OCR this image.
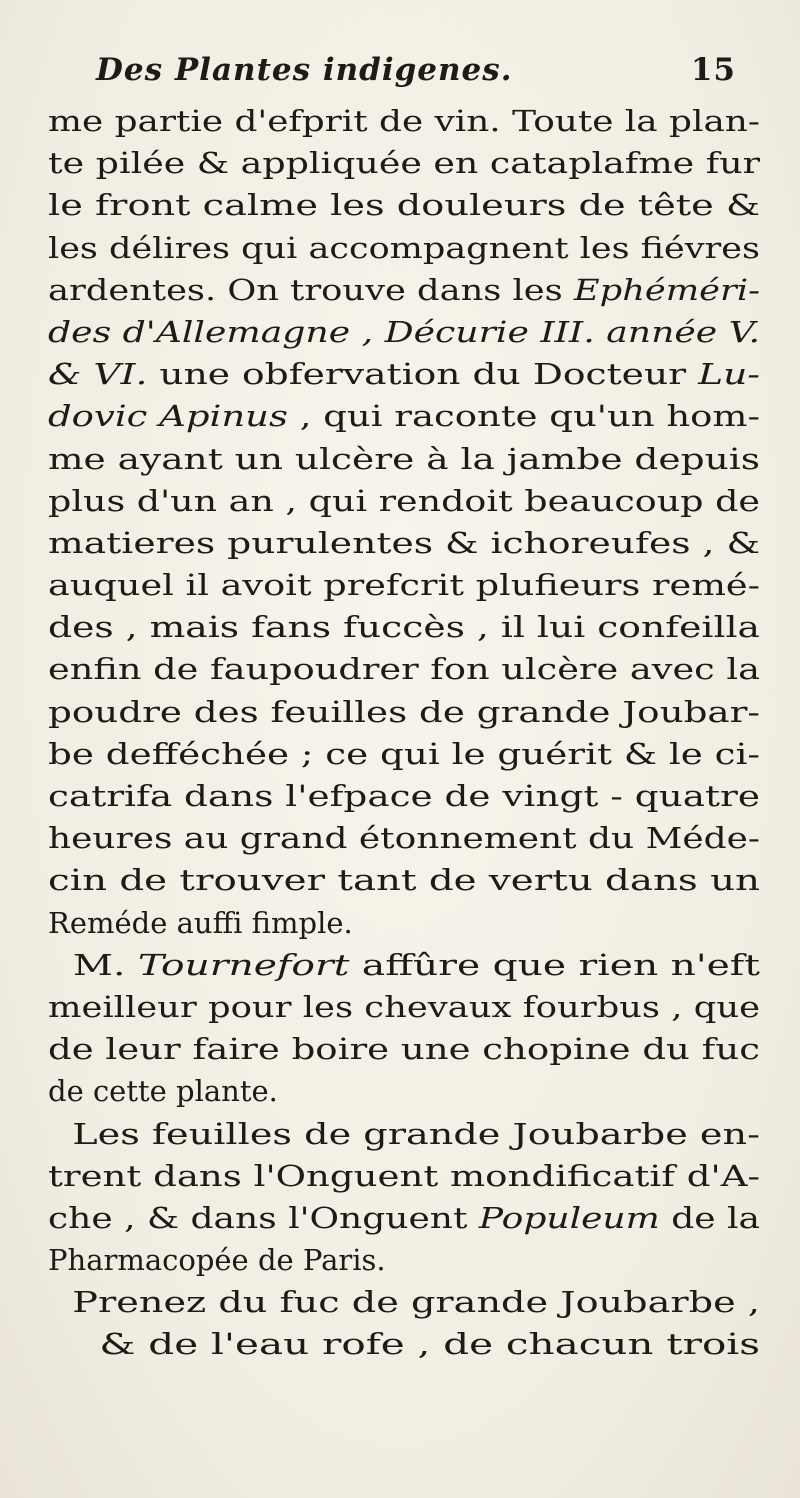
Des Plantes indigenes.	15
me partie d'efprit de vin. Toute la plan-
te pilée & appliquée en cataplafme fur
le front calme les douleurs de tête &
les délires qui accompagnent les fiévres
ardentes. On trouve dans les Ephéméri-
des d'Allemagne , Décurie III. année V.
& VI. une obfervation du Docteur Lu-
dovic Apinus , qui raconte qu'un hom-
me ayant un ulcère à la jambe depuis
plus d'un an , qui rendoit beaucoup de
matieres purulentes & ichoreufes , &
auquel il avoit prefcrit plufieurs remé-
des , mais fans fuccès , il lui confeilla
enfin de faupoudrer fon ulcère avec la
poudre des feuilles de grande Joubar-
be defféchée ; ce qui le guérit & le ci-
catrifa dans l'efpace de vingt - quatre
heures au grand étonnement du Méde-
cin de trouver tant de vertu dans un
Reméde auffi fimple.
M. Tournefort affûre que rien n'eft
meilleur pour les chevaux fourbus , que
de leur faire boire une chopine du fuc
de cette plante.
Les feuilles de grande Joubarbe en-
trent dans l'Onguent mondificatif d'A-
che , & dans l'Onguent Populeum de la
Pharmacopée de Paris.
Prenez du fuc de grande Joubarbe ,
& de l'eau rofe , de chacun trois
